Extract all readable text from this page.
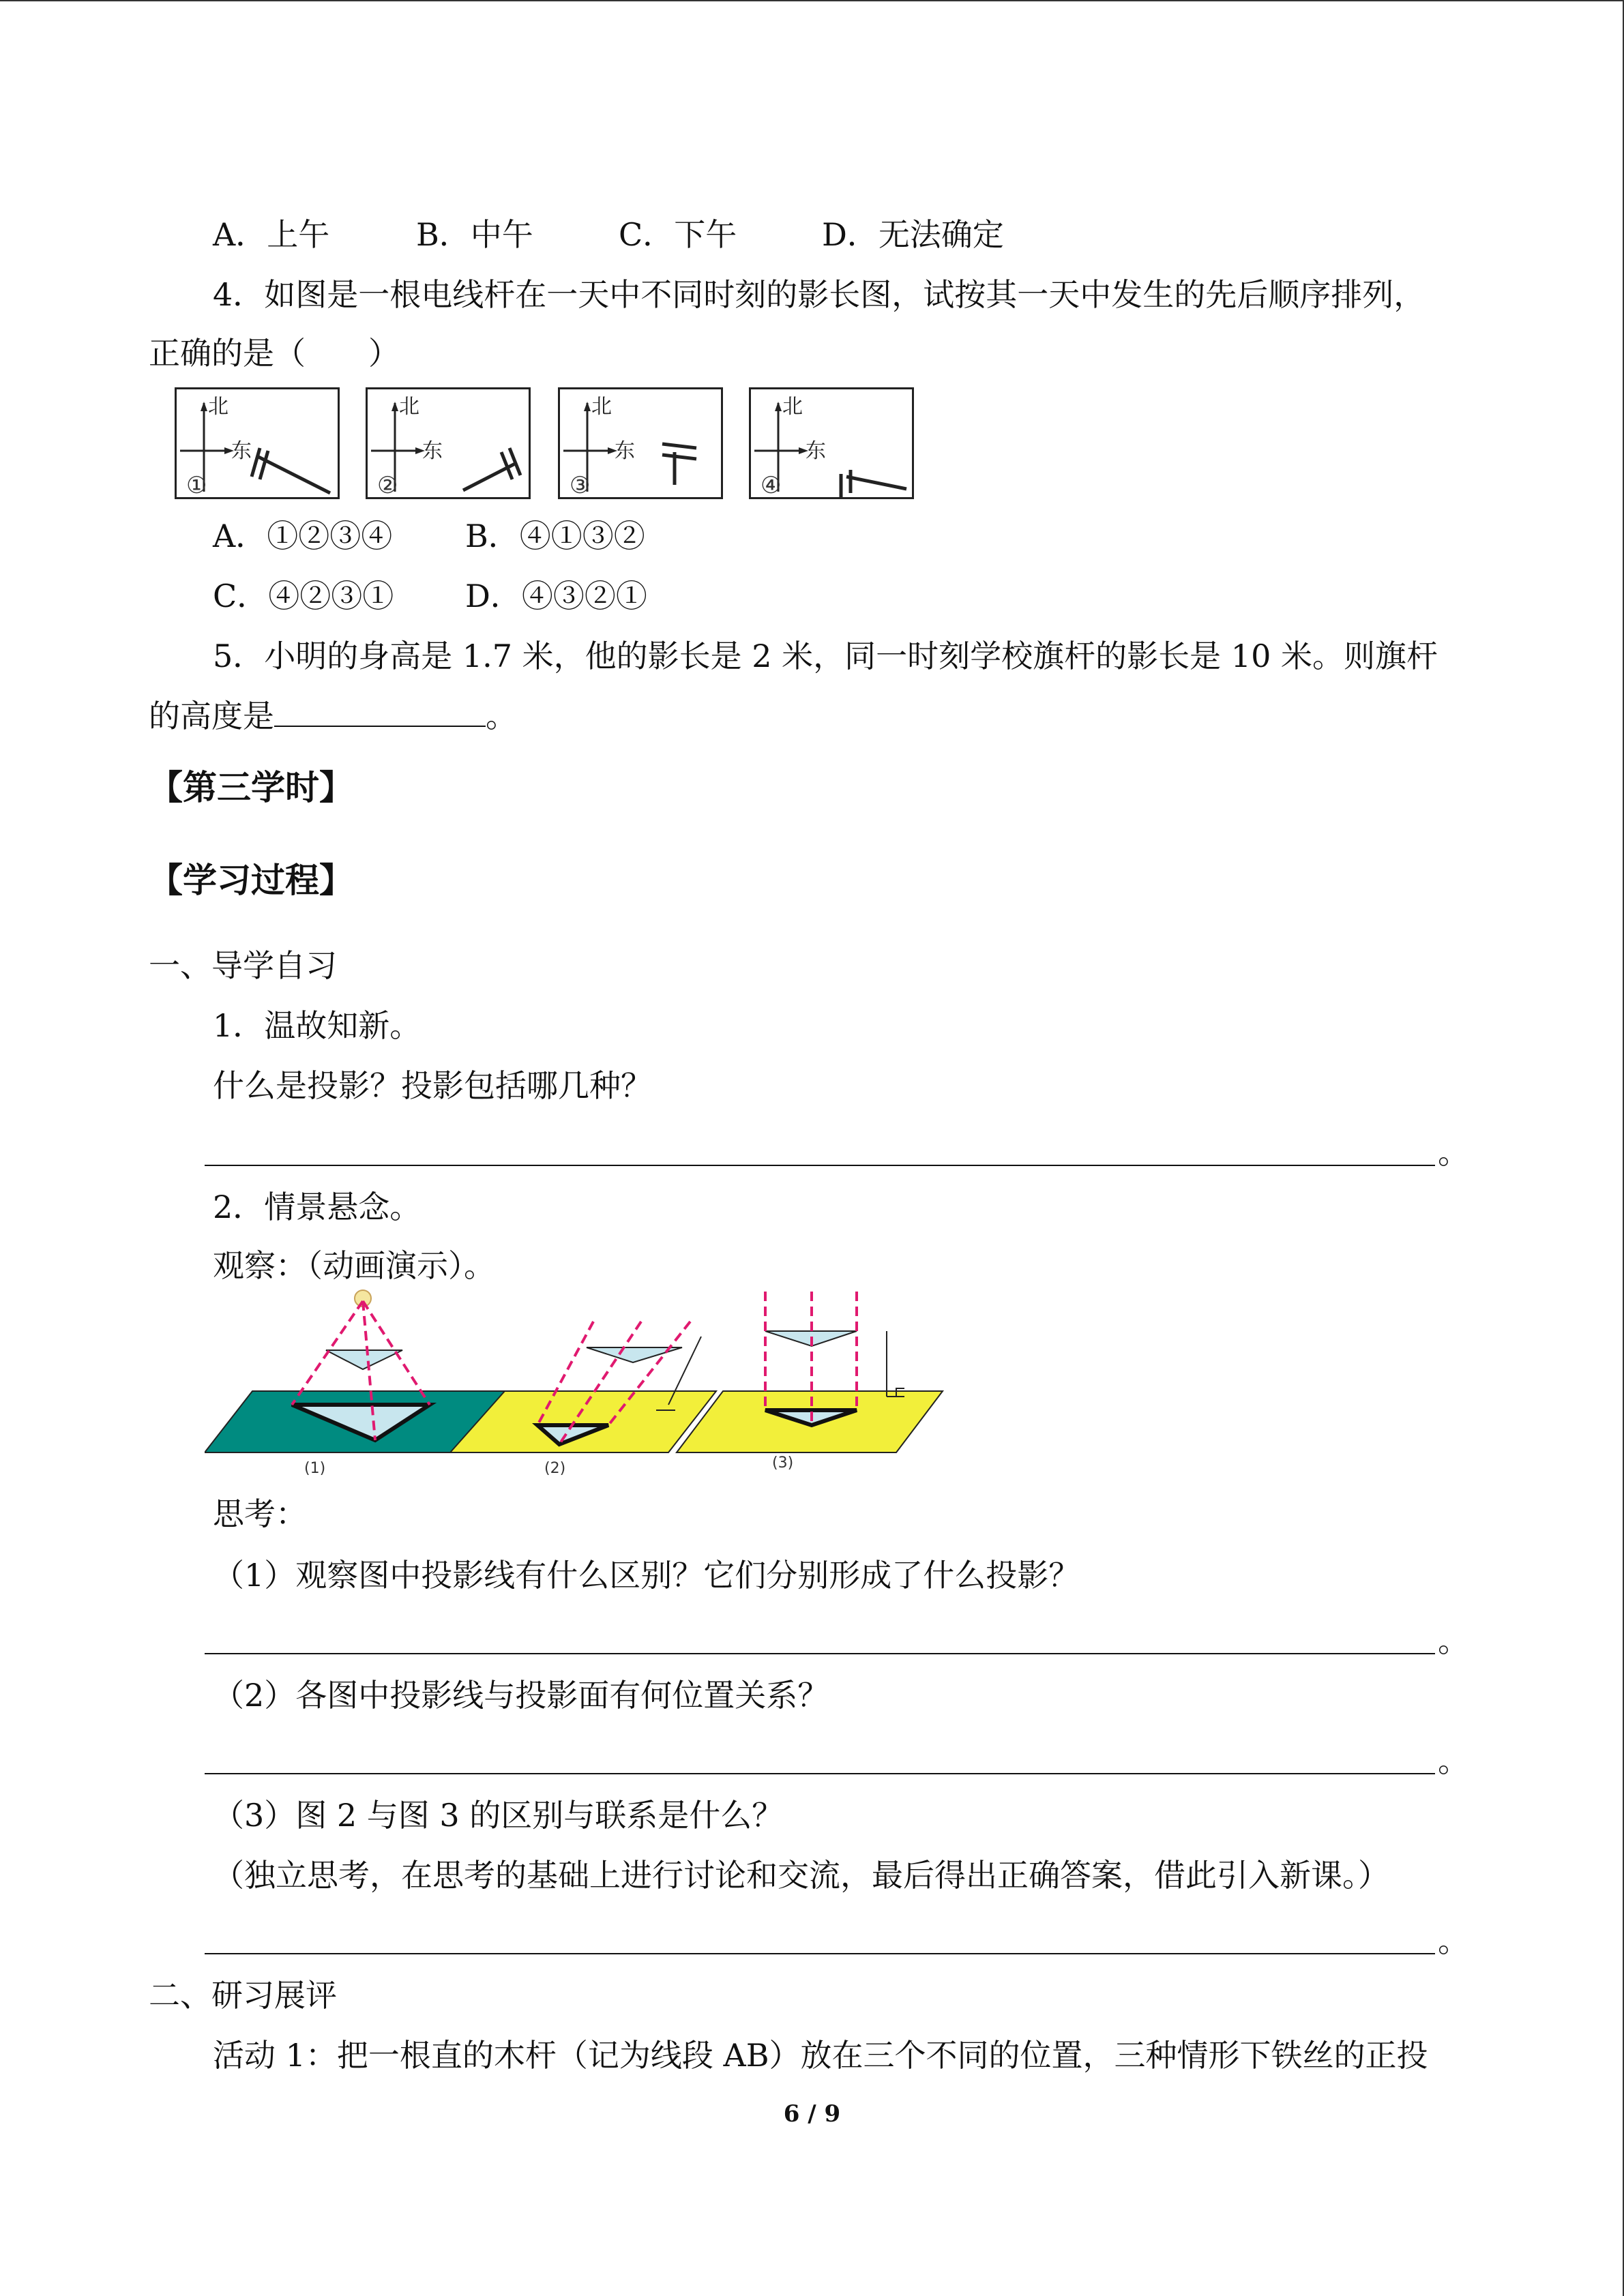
A．上午	B．中午	C．下午	D．无法确定
4．如图是一根电线杆在一天中不同时刻的影长图，试按其一天中发生的先后顺序排列，
正确的是（　　）
北
东
①
北
东
②
北
东
③
北
东
④
A．①②③④ B．④①③②
C．④②③① D．④③②①
5．小明的身高是 1.7 米，他的影长是 2 米，同一时刻学校旗杆的影长是 10 米。则旗杆
的高度是	。
【第三学时】
【学习过程】
一、导学自习
1．温故知新。
什么是投影？投影包括哪几种？
。
2．情景悬念。
观察：（动画演示）。
(1)	(2)	(3)
思考：
（1）观察图中投影线有什么区别？它们分别形成了什么投影？
。
（2）各图中投影线与投影面有何位置关系？
。
（3）图 2 与图 3 的区别与联系是什么？
（独立思考，在思考的基础上进行讨论和交流，最后得出正确答案，借此引入新课。）
。
二、研习展评
活动 1：把一根直的木杆（记为线段 AB）放在三个不同的位置，三种情形下铁丝的正投
6 / 9
